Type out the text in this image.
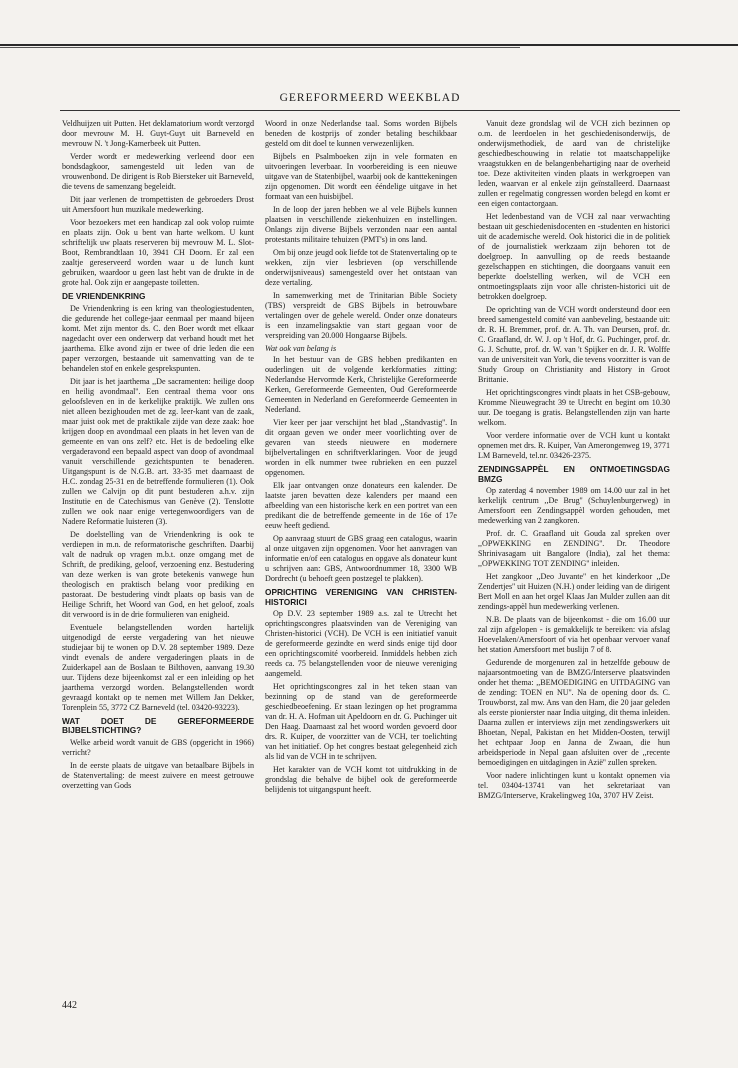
GEREFORMEERD WEEKBLAD

Veldhuijzen uit Putten. Het deklamatorium wordt verzorgd door mevrouw M. H. Guyt-Guyt uit Barneveld en mevrouw N. 't Jong-Kamerbeek uit Putten.

Verder wordt er medewerking verleend door een bondsdagkoor, samengesteld uit leden van de vrouwenbond. De dirigent is Rob Biersteker uit Barneveld, die tevens de samenzang begeleidt.

Dit jaar verlenen de trompettisten de gebroeders Drost uit Amersfoort hun muzikale medewerking.

Voor bezoekers met een handicap zal ook volop ruimte en plaats zijn. Ook u bent van harte welkom. U kunt schriftelijk uw plaats reserveren bij mevrouw M. L. Slot-Boot, Rembrandtlaan 10, 3941 CH Doorn. Er zal een zaaltje gereserveerd worden waar u de lunch kunt gebruiken, waardoor u geen last hebt van de drukte in de grote hal. Ook zijn er aangepaste toiletten.

DE VRIENDENKRING

De Vriendenkring is een kring van theologiestudenten, die gedurende het college-jaar eenmaal per maand bijeen komt. Met zijn mentor ds. C. den Boer wordt met elkaar nagedacht over een onderwerp dat verband houdt met het jaarthema. Elke avond zijn er twee of drie leden die een paper verzorgen, bestaande uit samenvatting van de te behandelen stof en enkele gesprekspunten.

Dit jaar is het jaarthema ,,De sacramenten: heilige doop en heilig avondmaal''. Een centraal thema voor ons geloofsleven en in de kerkelijke praktijk. We zullen ons niet alleen bezighouden met de zg. leer-kant van de zaak, maar juist ook met de praktikale zijde van deze zaak: hoe krijgen doop en avondmaal een plaats in het leven van de gemeente en van ons zelf? etc. Het is de bedoeling elke vergaderavond een bepaald aspect van doop of avondmaal vanuit verschillende gezichtspunten te benaderen. Uitgangspunt is de N.G.B. art. 33-35 met daarnaast de H.C. zondag 25-31 en de betreffende formulieren (1). Ook zullen we Calvijn op dit punt bestuderen a.h.v. zijn Institutie en de Catechismus van Genève (2). Tenslotte zullen we ook naar enige vertegenwoordigers van de Nadere Reformatie luisteren (3).

De doelstelling van de Vriendenkring is ook te verdiepen in m.n. de reformatorische geschriften. Daarbij valt de nadruk op vragen m.b.t. onze omgang met de Schrift, de prediking, geloof, verzoening enz. Bestudering van deze werken is van grote betekenis vanwege hun theologisch en praktisch belang voor prediking en pastoraat. De bestudering vindt plaats op basis van de Heilige Schrift, het Woord van God, en het geloof, zoals dit verwoord is in de drie formulieren van enigheid.

Eventuele belangstellenden worden hartelijk uitgenodigd de eerste vergadering van het nieuwe studiejaar bij te wonen op D.V. 28 september 1989. Deze vindt evenals de andere vergaderingen plaats in de Zuiderkapel aan de Boslaan te Bilthoven, aanvang 19.30 uur. Tijdens deze bijeenkomst zal er een inleiding op het jaarthema verzorgd worden. Belangstellenden wordt gevraagd kontakt op te nemen met Willem Jan Dekker, Torenplein 55, 3772 CZ Barneveld (tel. 03420-93223).

WAT DOET DE GEREFORMEERDE BIJBELSTICHTING?

Welke arbeid wordt vanuit de GBS (opgericht in 1966) verricht?

In de eerste plaats de uitgave van betaalbare Bijbels in de Statenvertaling: de meest zuivere en meest getrouwe overzetting van Gods

Woord in onze Nederlandse taal. Soms worden Bijbels beneden de kostprijs of zonder betaling beschikbaar gesteld om dit doel te kunnen verwezenlijken.

Bijbels en Psalmboeken zijn in vele formaten en uitvoeringen leverbaar. In voorbereiding is een nieuwe uitgave van de Statenbijbel, waarbij ook de kanttekeningen zijn opgenomen. Dit wordt een ééndelige uitgave in het formaat van een huisbijbel.

In de loop der jaren hebben we al vele Bijbels kunnen plaatsen in verschillende ziekenhuizen en instellingen. Onlangs zijn diverse Bijbels verzonden naar een aantal protestants militaire tehuizen (PMT's) in ons land.

Om bij onze jeugd ook liefde tot de Statenvertaling op te wekken, zijn vier lesbrieven (op verschillende onderwijsniveaus) samengesteld over het ontstaan van deze vertaling.

In samenwerking met de Trinitarian Bible Society (TBS) verspreidt de GBS Bijbels in betrouwbare vertalingen over de gehele wereld. Onder onze donateurs is een inzamelingsaktie van start gegaan voor de verspreiding van 20.000 Hongaarse Bijbels.

Wat ook van belang is

In het bestuur van de GBS hebben predikanten en ouderlingen uit de volgende kerkformaties zitting: Nederlandse Hervormde Kerk, Christelijke Gereformeerde Kerken, Gereformeerde Gemeenten, Oud Gereformeerde Gemeenten in Nederland en Gereformeerde Gemeenten in Nederland.

Vier keer per jaar verschijnt het blad ,,Standvastig''. In dit orgaan geven we onder meer voorlichting over de gevaren van steeds nieuwere en modernere bijbelvertalingen en schriftverklaringen. Voor de jeugd worden in elk nummer twee rubrieken en een puzzel opgenomen.

Elk jaar ontvangen onze donateurs een kalender. De laatste jaren bevatten deze kalenders per maand een afbeelding van een historische kerk en een portret van een predikant die de betreffende gemeente in de 16e of 17e eeuw heeft gediend.

Op aanvraag stuurt de GBS graag een catalogus, waarin al onze uitgaven zijn opgenomen. Voor het aanvragen van informatie en/of een catalogus en opgave als donateur kunt u schrijven aan: GBS, Antwoordnummer 18, 3300 WB Dordrecht (u behoeft geen postzegel te plakken).

OPRICHTING VERENIGING VAN CHRISTEN-HISTORICI

Op D.V. 23 september 1989 a.s. zal te Utrecht het oprichtingscongres plaatsvinden van de Vereniging van Christen-historici (VCH). De VCH is een initiatief vanuit de gereformeerde gezindte en werd sinds enige tijd door een oprichtingscomité voorbereid. Inmiddels hebben zich reeds ca. 75 belangstellenden voor de nieuwe vereniging aangemeld.

Het oprichtingscongres zal in het teken staan van bezinning op de stand van de gereformeerde geschiedbeoefening. Er staan lezingen op het programma van dr. H. A. Hofman uit Apeldoorn en dr. G. Puchinger uit Den Haag. Daarnaast zal het woord worden gevoerd door drs. R. Kuiper, de voorzitter van de VCH, ter toelichting van het initiatief. Op het congres bestaat gelegenheid zich als lid van de VCH in te schrijven.

Het karakter van de VCH komt tot uitdrukking in de grondslag die behalve de bijbel ook de gereformeerde belijdenis tot uitgangspunt heeft.

Vanuit deze grondslag wil de VCH zich bezinnen op o.m. de leerdoelen in het geschiedenisonderwijs, de onderwijsmethodiek, de aard van de christelijke geschiedbeschouwing in relatie tot maatschappelijke vraagstukken en de belangenbehartiging naar de overheid toe. Deze aktiviteiten vinden plaats in werkgroepen van leden, waarvan er al enkele zijn geïnstalleerd. Daarnaast zullen er regelmatig congressen worden belegd en komt er een eigen contactorgaan.

Het ledenbestand van de VCH zal naar verwachting bestaan uit geschiedenisdocenten en -studenten en historici uit de academische wereld. Ook historici die in de politiek of de journalistiek werkzaam zijn behoren tot de doelgroep. In aanvulling op de reeds bestaande gezelschappen en stichtingen, die doorgaans vanuit een beperkte doelstelling werken, wil de VCH een ontmoetingsplaats zijn voor alle christen-historici uit de betrokken doelgroep.

De oprichting van de VCH wordt ondersteund door een breed samengesteld comité van aanbeveling, bestaande uit: dr. R. H. Bremmer, prof. dr. A. Th. van Deursen, prof. dr. C. Graafland, dr. W. J. op 't Hof, dr. G. Puchinger, prof. dr. G. J. Schutte, prof. dr. W. van 't Spijker en dr. J. R. Wolffe van de universiteit van York, die tevens voorzitter is van de Study Group on Christianity and History in Groot Brittanie.

Het oprichtingscongres vindt plaats in het CSB-gebouw, Kromme Nieuwegracht 39 te Utrecht en begint om 10.30 uur. De toegang is gratis. Belangstellenden zijn van harte welkom.

Voor verdere informatie over de VCH kunt u kontakt opnemen met drs. R. Kuiper, Van Amerongenweg 19, 3771 LM Barneveld, tel.nr. 03426-2375.

ZENDINGSAPPÈL EN ONTMOETINGSDAG BMZG

Op zaterdag 4 november 1989 om 14.00 uur zal in het kerkelijk centrum ,,De Brug'' (Schuylenburgerweg) in Amersfoort een Zendingsappèl worden gehouden, met medewerking van 2 zangkoren.

Prof. dr. C. Graafland uit Gouda zal spreken over ,,OPWEKKING en ZENDING''. Dr. Theodore Shrinivasagam uit Bangalore (India), zal het thema: ,,OPWEKKING TOT ZENDING'' inleiden.

Het zangkoor ,,Deo Juvante'' en het kinderkoor ,,De Zendertjes'' uit Huizen (N.H.) onder leiding van de dirigent Bert Moll en aan het orgel Klaas Jan Mulder zullen aan dit zendings-appèl hun medewerking verlenen.

N.B. De plaats van de bijeenkomst - die om 16.00 uur zal zijn afgelopen - is gemakkelijk te bereiken: via afslag Hoevelaken/Amersfoort of via het openbaar vervoer vanaf het station Amersfoort met buslijn 7 of 8.

Gedurende de morgenuren zal in hetzelfde gebouw de najaarsontmoeting van de BMZG/Interserve plaatsvinden onder het thema: ,,BEMOEDIGING en UITDAGING van de zending: TOEN en NU''. Na de opening door ds. C. Trouwborst, zal mw. Ans van den Ham, die 20 jaar geleden als eerste pionierster naar India uitging, dit thema inleiden. Daarna zullen er interviews zijn met zendingswerkers uit Bhoetan, Nepal, Pakistan en het Midden-Oosten, terwijl het echtpaar Joop en Janna de Zwaan, die hun arbeidsperiode in Nepal gaan afsluiten over de ,,recente bemoedigingen en uitdagingen in Azië'' zullen spreken.

Voor nadere inlichtingen kunt u kontakt opnemen via tel. 03404-13741 van het sekretariaat van BMZG/Interserve, Krakelingweg 10a, 3707 HV Zeist.

442
